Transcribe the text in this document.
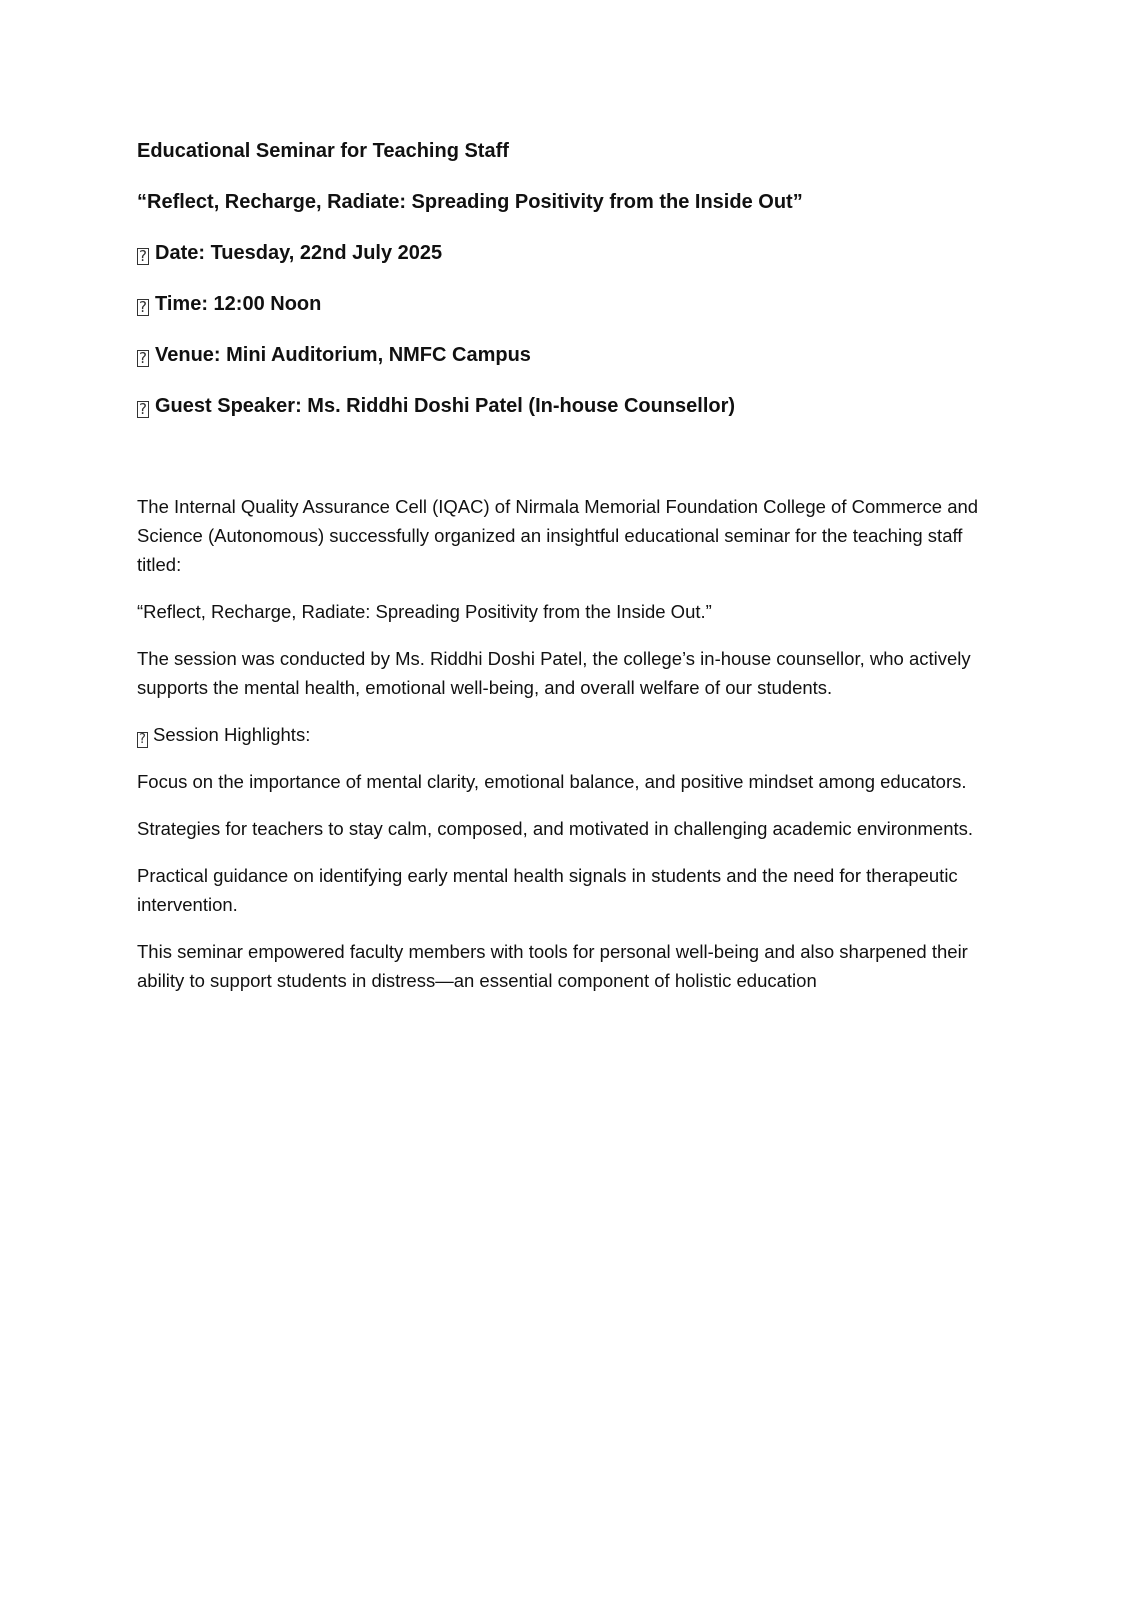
Educational Seminar for Teaching Staff

“Reflect, Recharge, Radiate: Spreading Positivity from the Inside Out”

? Date: Tuesday, 22nd July 2025

? Time: 12:00 Noon

? Venue: Mini Auditorium, NMFC Campus

? Guest Speaker: Ms. Riddhi Doshi Patel (In-house Counsellor)

The Internal Quality Assurance Cell (IQAC) of Nirmala Memorial Foundation College of Commerce and Science (Autonomous) successfully organized an insightful educational seminar for the teaching staff titled:

“Reflect, Recharge, Radiate: Spreading Positivity from the Inside Out.”

The session was conducted by Ms. Riddhi Doshi Patel, the college’s in-house counsellor, who actively supports the mental health, emotional well-being, and overall welfare of our students.

? Session Highlights:

Focus on the importance of mental clarity, emotional balance, and positive mindset among educators.

Strategies for teachers to stay calm, composed, and motivated in challenging academic environments.

Practical guidance on identifying early mental health signals in students and the need for therapeutic intervention.

This seminar empowered faculty members with tools for personal well-being and also sharpened their ability to support students in distress—an essential component of holistic education
